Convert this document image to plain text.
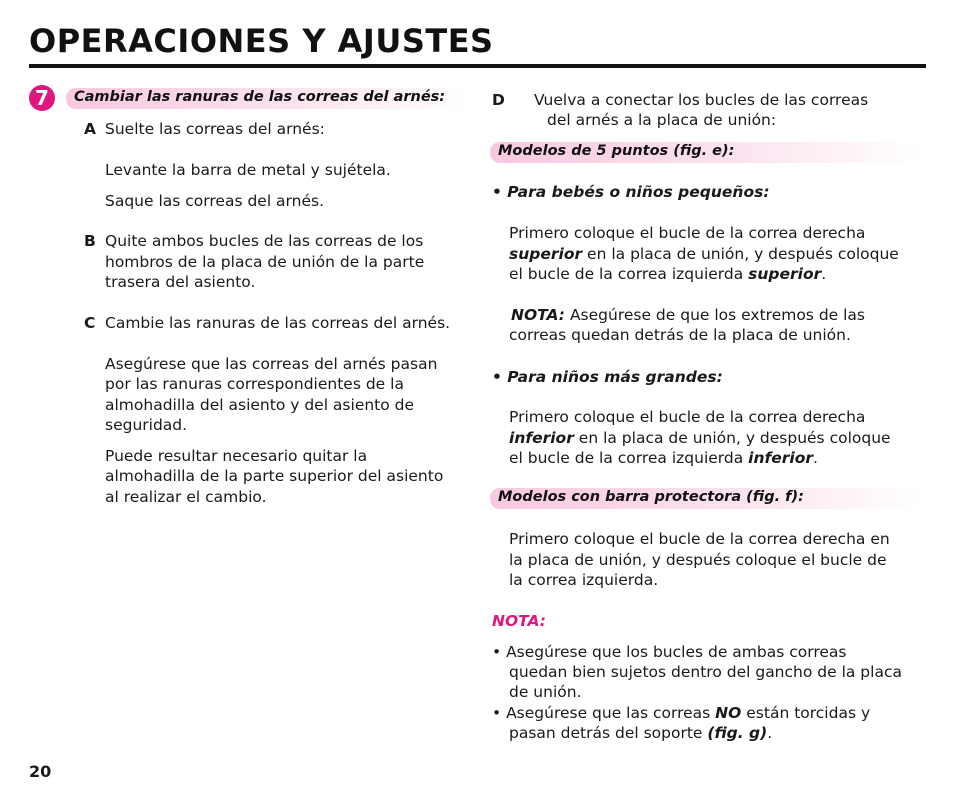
OPERACIONES Y AJUSTES
7	Cambiar las ranuras de las correas del arnés:
A Suelte las correas del arnés:
Levante la barra de metal y sujétela.
Saque las correas del arnés.
B Quite ambos bucles de las correas de los
hombros de la placa de unión de la parte
trasera del asiento.
C Cambie las ranuras de las correas del arnés.
Asegúrese que las correas del arnés pasan
por las ranuras correspondientes de la
almohadilla del asiento y del asiento de
seguridad.
Puede resultar necesario quitar la
almohadilla de la parte superior del asiento
al realizar el cambio.
D Vuelva a conectar los bucles de las correas
del arnés a la placa de unión:
Modelos de 5 puntos (fig. e):
• Para bebés o niños pequeños:
Primero coloque el bucle de la correa derecha
superior en la placa de unión, y después coloque
el bucle de la correa izquierda superior.
NOTA: Asegúrese de que los extremos de las
correas quedan detrás de la placa de unión.
• Para niños más grandes:
Primero coloque el bucle de la correa derecha
inferior en la placa de unión, y después coloque
el bucle de la correa izquierda inferior.
Modelos con barra protectora (fig. f):
Primero coloque el bucle de la correa derecha en
la placa de unión, y después coloque el bucle de
la correa izquierda.
NOTA:
• Asegúrese que los bucles de ambas correas
quedan bien sujetos dentro del gancho de la placa
de unión.
• Asegúrese que las correas NO están torcidas y
pasan detrás del soporte (fig. g).
20
